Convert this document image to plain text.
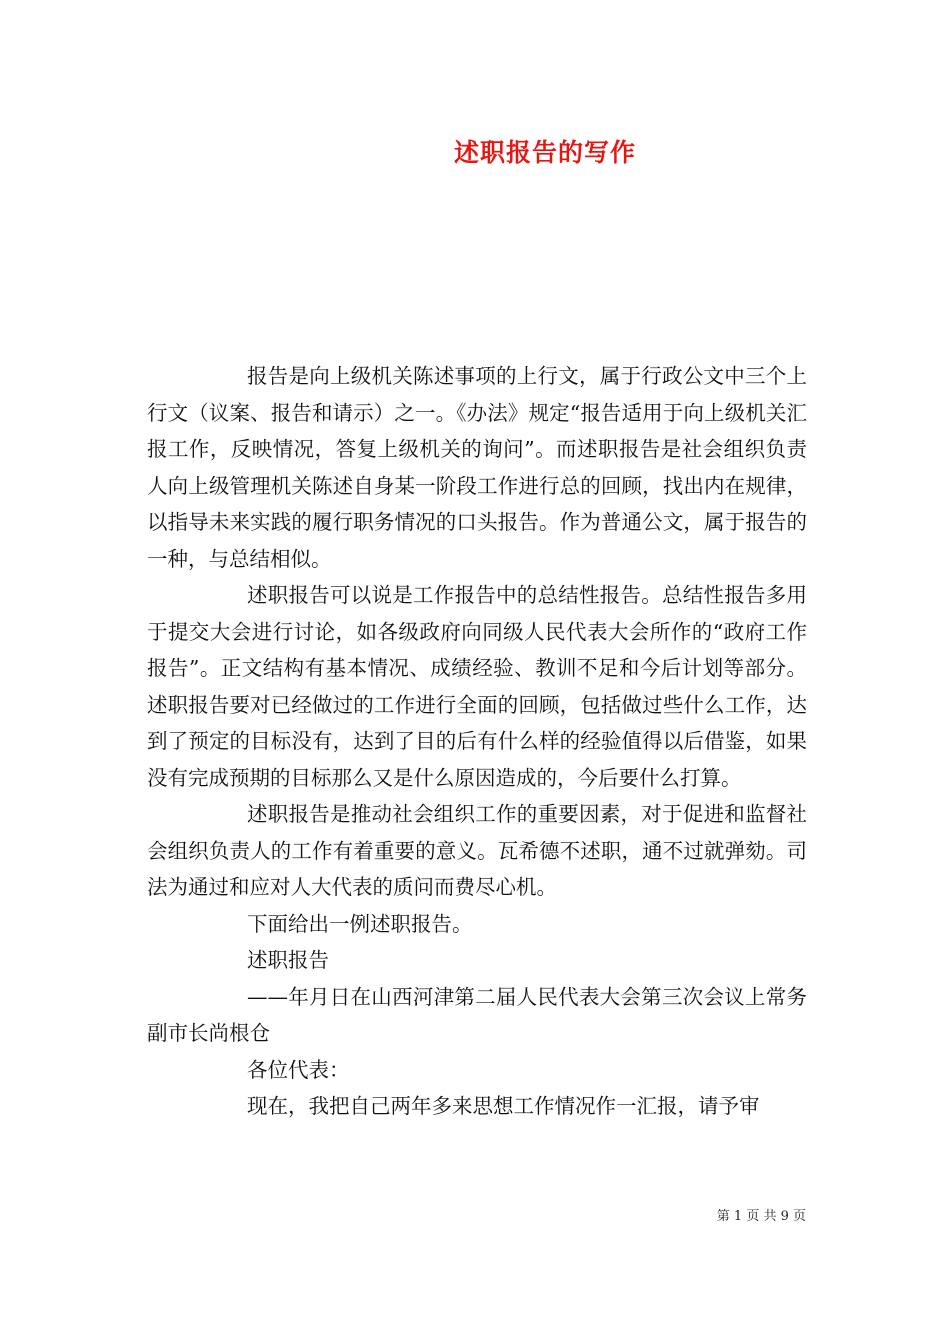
述职报告的写作

报告是向上级机关陈述事项的上行文，属于行政公文中三个上行文（议案、报告和请示）之一。《办法》规定“报告适用于向上级机关汇报工作，反映情况，答复上级机关的询问”。而述职报告是社会组织负责人向上级管理机关陈述自身某一阶段工作进行总的回顾，找出内在规律，以指导未来实践的履行职务情况的口头报告。作为普通公文，属于报告的一种，与总结相似。

述职报告可以说是工作报告中的总结性报告。总结性报告多用于提交大会进行讨论，如各级政府向同级人民代表大会所作的“政府工作报告”。正文结构有基本情况、成绩经验、教训不足和今后计划等部分。述职报告要对已经做过的工作进行全面的回顾，包括做过些什么工作，达到了预定的目标没有，达到了目的后有什么样的经验值得以后借鉴，如果没有完成预期的目标那么又是什么原因造成的，今后要什么打算。

述职报告是推动社会组织工作的重要因素，对于促进和监督社会组织负责人的工作有着重要的意义。瓦希德不述职，通不过就弹劾。司法为通过和应对人大代表的质问而费尽心机。

下面给出一例述职报告。

述职报告

——年月日在山西河津第二届人民代表大会第三次会议上常务副市长尚根仓

各位代表：

现在，我把自己两年多来思想工作情况作一汇报，请予审

第 1 页 共 9 页
